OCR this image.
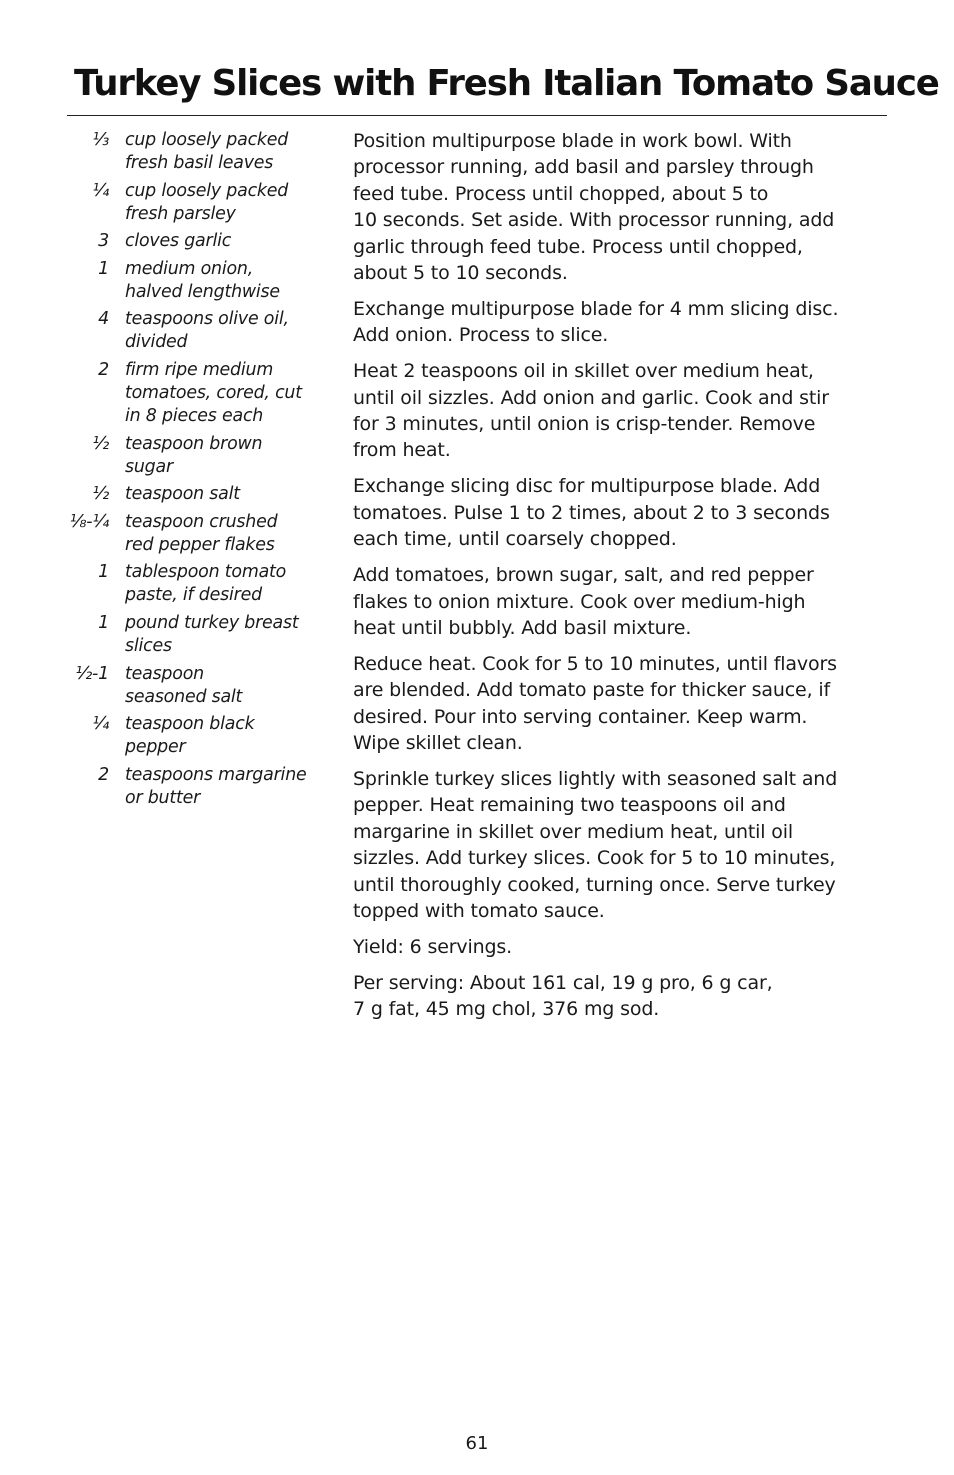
Turkey Slices with Fresh Italian Tomato Sauce
⅓ cup loosely packed
fresh basil leaves
¼ cup loosely packed
fresh parsley
3 cloves garlic
1 medium onion,
halved lengthwise
4 teaspoons olive oil,
divided
2 firm ripe medium
tomatoes, cored, cut
in 8 pieces each
½ teaspoon brown
sugar
½ teaspoon salt
⅛-¼ teaspoon crushed
red pepper flakes
1 tablespoon tomato
paste, if desired
1 pound turkey breast
slices
½-1 teaspoon
seasoned salt
¼ teaspoon black
pepper
2 teaspoons margarine
or butter

Position multipurpose blade in work bowl. With
processor running, add basil and parsley through
feed tube. Process until chopped, about 5 to
10 seconds. Set aside. With processor running, add
garlic through feed tube. Process until chopped,
about 5 to 10 seconds.

Exchange multipurpose blade for 4 mm slicing disc.
Add onion. Process to slice.

Heat 2 teaspoons oil in skillet over medium heat,
until oil sizzles. Add onion and garlic. Cook and stir
for 3 minutes, until onion is crisp-tender. Remove
from heat.

Exchange slicing disc for multipurpose blade. Add
tomatoes. Pulse 1 to 2 times, about 2 to 3 seconds
each time, until coarsely chopped.

Add tomatoes, brown sugar, salt, and red pepper
flakes to onion mixture. Cook over medium-high
heat until bubbly. Add basil mixture.

Reduce heat. Cook for 5 to 10 minutes, until flavors
are blended. Add tomato paste for thicker sauce, if
desired. Pour into serving container. Keep warm.
Wipe skillet clean.

Sprinkle turkey slices lightly with seasoned salt and
pepper. Heat remaining two teaspoons oil and
margarine in skillet over medium heat, until oil
sizzles. Add turkey slices. Cook for 5 to 10 minutes,
until thoroughly cooked, turning once. Serve turkey
topped with tomato sauce.

Yield: 6 servings.

Per serving: About 161 cal, 19 g pro, 6 g car,
7 g fat, 45 mg chol, 376 mg sod.

61
